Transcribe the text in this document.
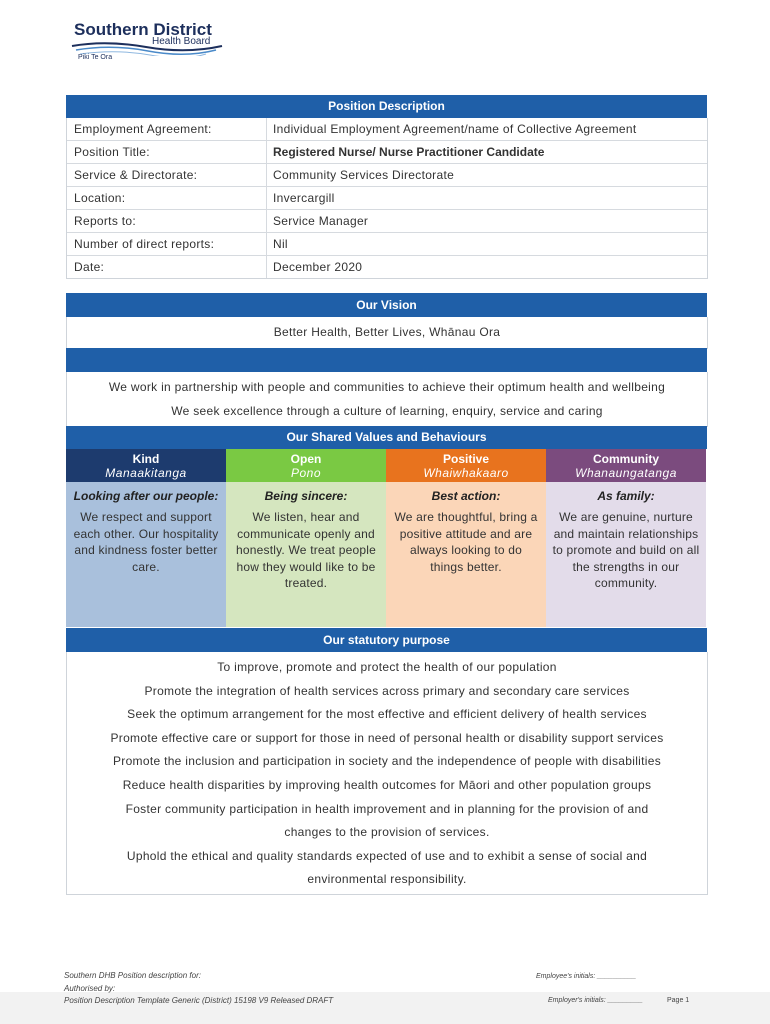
Southern District
Health Board
Piki Te Ora
Position Description
Employment Agreement:	Individual Employment Agreement/name of Collective Agreement
Position Title:	Registered Nurse/ Nurse Practitioner Candidate
Service & Directorate:	Community Services Directorate
Location:	Invercargill
Reports to:	Service Manager
Number of direct reports:	Nil
Date:	December 2020
Our Vision

Better Health, Better Lives, Whānau Ora

We work in partnership with people and communities to achieve their optimum health and wellbeing

We seek excellence through a culture of learning, enquiry, service and caring

Our Shared Values and Behaviours
Kind
Manaakitanga
Looking after our people:
We respect and support each other. Our hospitality and kindness foster better care.
Open
Pono
Being sincere:
We listen, hear and communicate openly and honestly. We treat people how they would like to be treated.
Positive
Whaiwhakaaro
Best action:
We are thoughtful, bring a positive attitude and are always looking to do things better.
Community
Whanaungatanga
As family:
We are genuine, nurture and maintain relationships to promote and build on all the strengths in our community.
Our statutory purpose

To improve, promote and protect the health of our population

Promote the integration of health services across primary and secondary care services

Seek the optimum arrangement for the most effective and efficient delivery of health services

Promote effective care or support for those in need of personal health or disability support services

Promote the inclusion and participation in society and the independence of people with disabilities

Reduce health disparities by improving health outcomes for Māori and other population groups

Foster community participation in health improvement and in planning for the provision of and

changes to the provision of services.

Uphold the ethical and quality standards expected of use and to exhibit a sense of social and

environmental responsibility.

Southern DHB Position description for:
Authorised by:
Position Description Template Generic (District) 15198 V9 Released DRAFT
Employee's initials: __________
Employer's initials: _________	Page 1
